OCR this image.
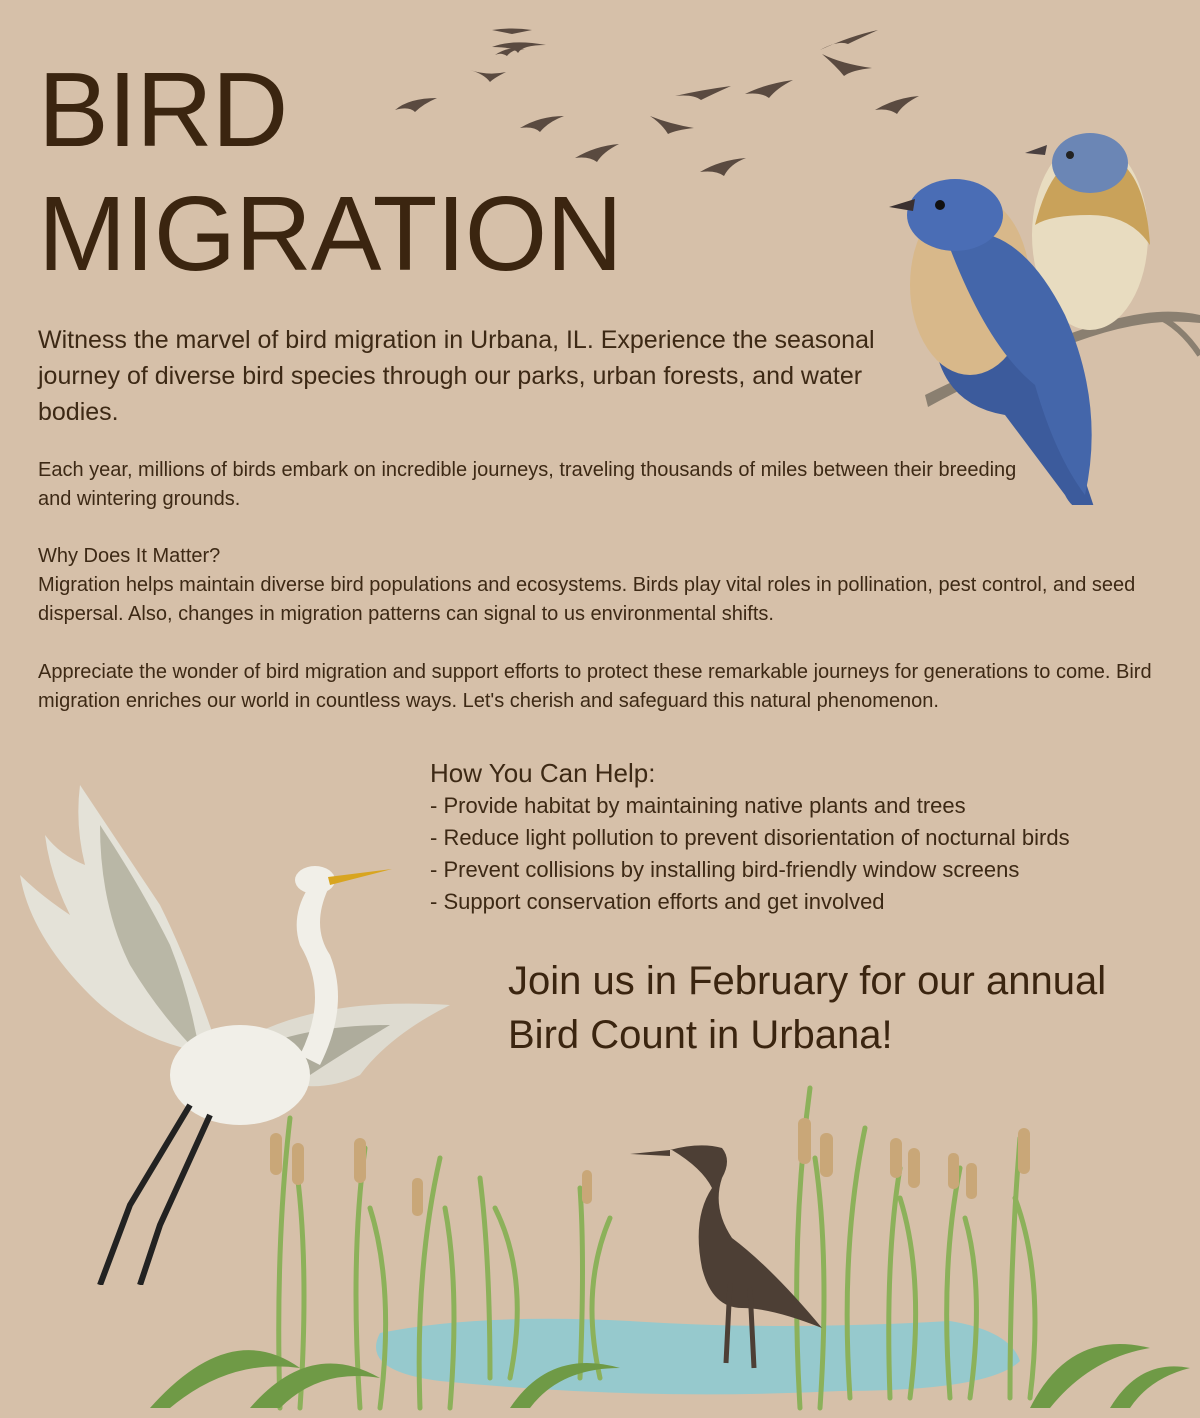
BIRD
MIGRATION

Witness the marvel of bird migration in Urbana, IL. Experience the seasonal journey of diverse bird species through our parks, urban forests, and water bodies.

Each year, millions of birds embark on incredible journeys, traveling thousands of miles between their breeding and wintering grounds.

Why Does It Matter?
Migration helps maintain diverse bird populations and ecosystems. Birds play vital roles in pollination, pest control, and seed dispersal. Also, changes in migration patterns can signal to us environmental shifts.

Appreciate the wonder of bird migration and support efforts to protect these remarkable journeys for generations to come. Bird migration enriches our world in countless ways. Let's cherish and safeguard this natural phenomenon.

How You Can Help:
- Provide habitat by maintaining native plants and trees
- Reduce light pollution to prevent disorientation of nocturnal birds
- Prevent collisions by installing bird-friendly window screens
- Support conservation efforts and get involved
Join us in February for our annual
Bird Count in Urbana!
